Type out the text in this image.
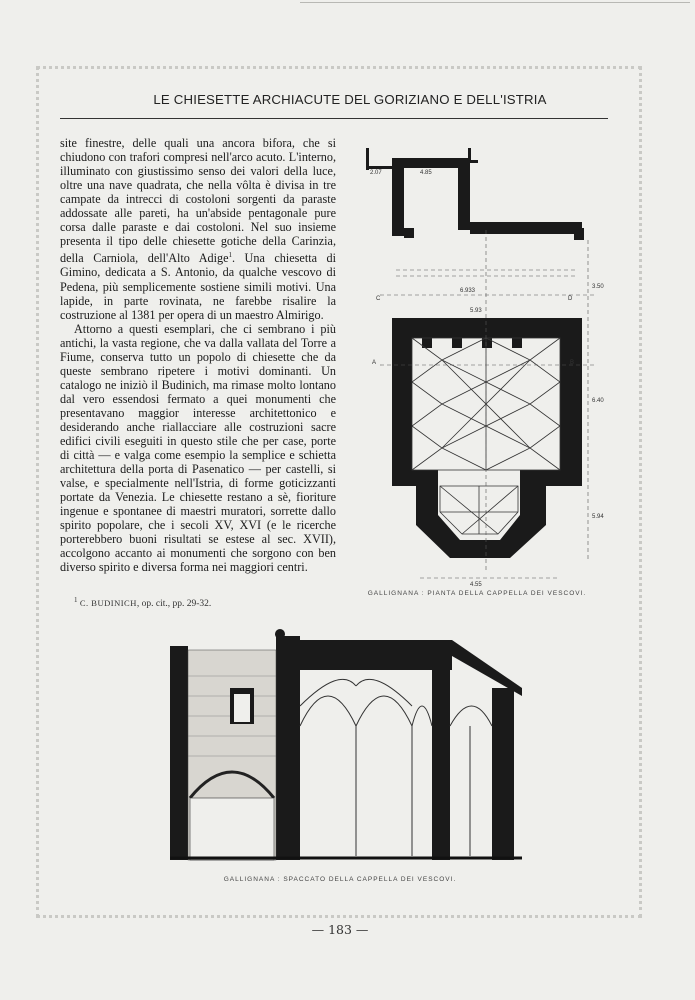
LE CHIESETTE ARCHIACUTE DEL GORIZIANO E DELL'ISTRIA

site finestre, delle quali una ancora bifora, che si chiudono con trafori compresi nell'arco acuto. L'interno, illuminato con giustissimo senso dei valori della luce, oltre una nave quadrata, che nella vôlta è divisa in tre campate da intrecci di costoloni sorgenti da paraste addossate alle pareti, ha un'abside pentagonale pure corsa dalle paraste e dai costoloni. Nel suo insieme presenta il tipo delle chiesette gotiche della Carinzia, della Carniola, dell'Alto Adige$^1$. Una chiesetta di Gimino, dedicata a S. Antonio, da qualche vescovo di Pedena, più semplicemente sostiene simili motivi. Una lapide, in parte rovinata, ne farebbe risalire la costruzione al 1381 per opera di un maestro Almirigo.

Attorno a questi esemplari, che ci sembrano i più antichi, la vasta regione, che va dalla vallata del Torre a Fiume, conserva tutto un popolo di chiesette che da queste sembrano ripetere i motivi dominanti. Un catalogo ne iniziò il Budinich, ma rimase molto lontano dal vero essendosi fermato a quei monumenti che presentavano maggior interesse architettonico e desiderando anche riallacciare alle costruzioni sacre edifici civili eseguiti in questo stile che per case, porte di città — e valga come esempio la semplice e schietta architettura della porta di Pasenatico — per castelli, si valse, e specialmente nell'Istria, di forme goticizzanti portate da Venezia. Le chiesette restano a sè, fioriture ingenue e spontanee di maestri muratori, sorrette dallo spirito popolare, che i secoli XV, XVI (e le ricerche porterebbero buoni risultati se estese al sec. XVII), accolgono accanto ai monumenti che sorgono con ben diverso spirito e diversa forma nei maggiori centri.

$^1$ C. BUDINICH, op. cit., pp. 29-32.
2.07	4.85
3.50
6.933
5.93
6.40
5.94
4.55
A	B
C	D
GALLIGNANA : PIANTA DELLA CAPPELLA DEI VESCOVI.
GALLIGNANA : SPACCATO DELLA CAPPELLA DEI VESCOVI.
— 183 —
